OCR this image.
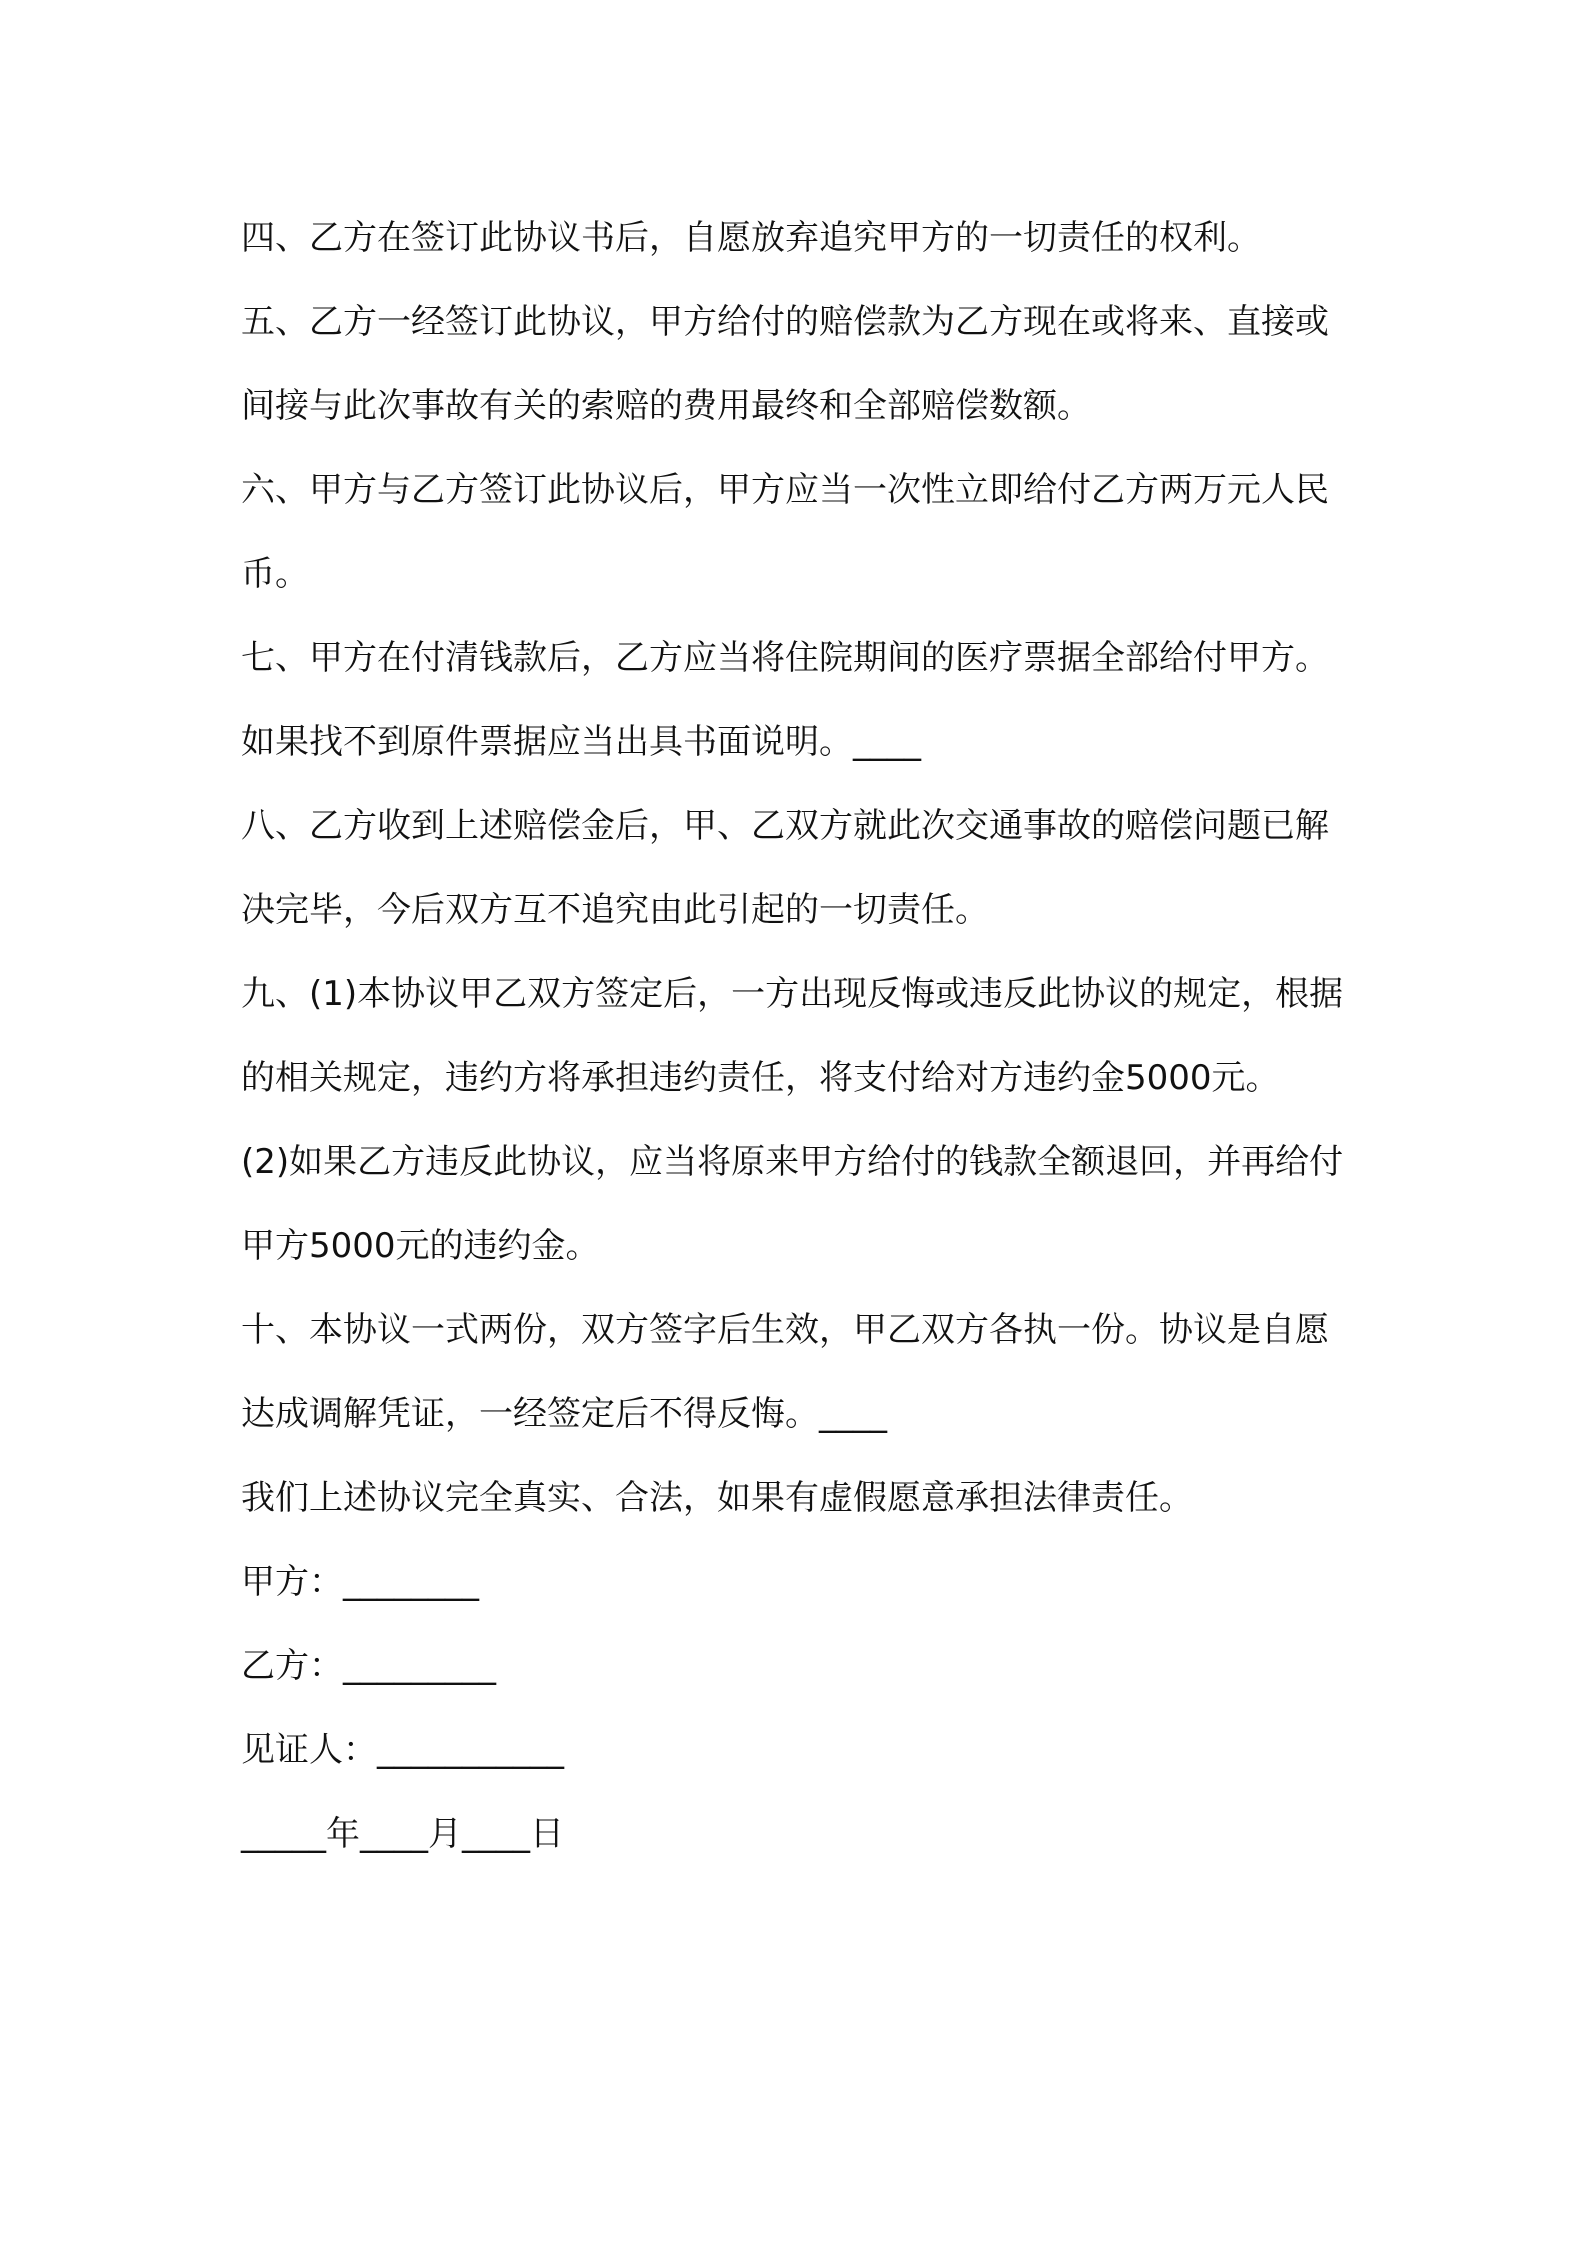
四、乙方在签订此协议书后，自愿放弃追究甲方的一切责任的权利。

五、乙方一经签订此协议，甲方给付的赔偿款为乙方现在或将来、直接或间接与此次事故有关的索赔的费用最终和全部赔偿数额。

六、甲方与乙方签订此协议后，甲方应当一次性立即给付乙方两万元人民币。

七、甲方在付清钱款后，乙方应当将住院期间的医疗票据全部给付甲方。如果找不到原件票据应当出具书面说明。____

八、乙方收到上述赔偿金后，甲、乙双方就此次交通事故的赔偿问题已解决完毕，今后双方互不追究由此引起的一切责任。

九、(1)本协议甲乙双方签定后，一方出现反悔或违反此协议的规定，根据的相关规定，违约方将承担违约责任，将支付给对方违约金5000元。

(2)如果乙方违反此协议，应当将原来甲方给付的钱款全额退回，并再给付甲方5000元的违约金。

十、本协议一式两份，双方签字后生效，甲乙双方各执一份。协议是自愿达成调解凭证，一经签定后不得反悔。____

我们上述协议完全真实、合法，如果有虚假愿意承担法律责任。

甲方：________

乙方：_________

见证人：___________

_____年____月____日
